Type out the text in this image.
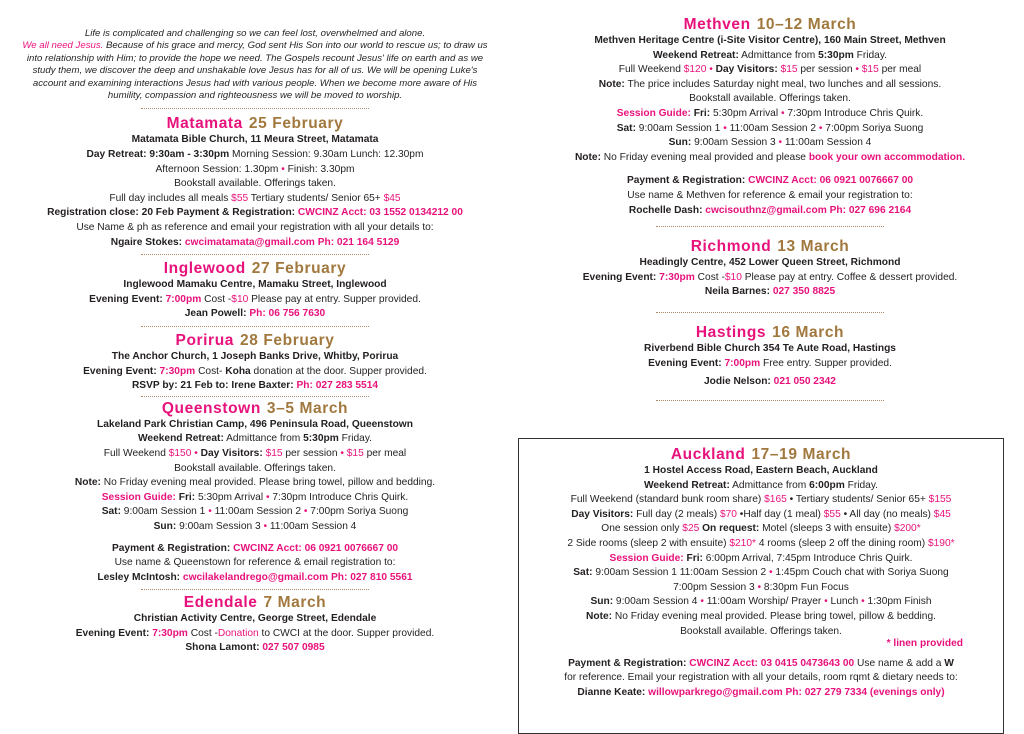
Life is complicated and challenging so we can feel lost, overwhelmed and alone.
We all need Jesus. Because of his grace and mercy, God sent His Son into our world to rescue us; to draw us into relationship with Him; to provide the hope we need. The Gospels recount Jesus' life on earth and as we study them, we discover the deep and unshakable love Jesus has for all of us. We will be opening Luke's account and examining interactions Jesus had with various people. When we become more aware of His humility, compassion and righteousness we will be moved to worship.
Matamata 25 February
Matamata Bible Church, 11 Meura Street, Matamata
Day Retreat: 9:30am - 3:30pm Morning Session: 9.30am Lunch: 12.30pm
Afternoon Session: 1.30pm • Finish: 3.30pm
Bookstall available. Offerings taken.
Full day includes all meals $55 Tertiary students/ Senior 65+ $45
Registration close: 20 Feb Payment & Registration: CWCINZ Acct: 03 1552 0134212 00
Use Name & ph as reference and email your registration with all your details to:
Ngaire Stokes: cwcimatamata@gmail.com Ph: 021 164 5129
Inglewood 27 February
Inglewood Mamaku Centre, Mamaku Street, Inglewood
Evening Event: 7:00pm Cost -$10 Please pay at entry. Supper provided.
Jean Powell: Ph: 06 756 7630
Porirua 28 February
The Anchor Church, 1 Joseph Banks Drive, Whitby, Porirua
Evening Event: 7:30pm Cost- Koha donation at the door. Supper provided.
RSVP by: 21 Feb to: Irene Baxter: Ph: 027 283 5514
Queenstown 3–5 March
Lakeland Park Christian Camp, 496 Peninsula Road, Queenstown
Weekend Retreat: Admittance from 5:30pm Friday.
Full Weekend $150 • Day Visitors: $15 per session • $15 per meal
Bookstall available. Offerings taken.
Note: No Friday evening meal provided. Please bring towel, pillow and bedding.
Session Guide: Fri: 5:30pm Arrival • 7:30pm Introduce Chris Quirk.
Sat: 9:00am Session 1 • 11:00am Session 2 • 7:00pm Soriya Suong
Sun: 9:00am Session 3 • 11:00am Session 4
Payment & Registration: CWCINZ Acct: 06 0921 0076667 00
Use name & Queenstown for reference & email registration to:
Lesley McIntosh: cwcilakelandrego@gmail.com Ph: 027 810 5561
Edendale 7 March
Christian Activity Centre, George Street, Edendale
Evening Event: 7:30pm Cost -Donation to CWCI at the door. Supper provided.
Shona Lamont: 027 507 0985
Methven 10–12 March
Methven Heritage Centre (i-Site Visitor Centre), 160 Main Street, Methven
Weekend Retreat: Admittance from 5:30pm Friday.
Full Weekend $120 • Day Visitors: $15 per session • $15 per meal
Note: The price includes Saturday night meal, two lunches and all sessions.
Bookstall available. Offerings taken.
Session Guide: Fri: 5:30pm Arrival • 7:30pm Introduce Chris Quirk.
Sat: 9:00am Session 1 • 11:00am Session 2 • 7:00pm Soriya Suong
Sun: 9:00am Session 3 • 11:00am Session 4
Note: No Friday evening meal provided and please book your own accommodation.
Payment & Registration: CWCINZ Acct: 06 0921 0076667 00
Use name & Methven for reference & email your registration to:
Rochelle Dash: cwcisouthnz@gmail.com Ph: 027 696 2164
Richmond 13 March
Headingly Centre, 452 Lower Queen Street, Richmond
Evening Event: 7:30pm Cost -$10 Please pay at entry. Coffee & dessert provided.
Neila Barnes: 027 350 8825
Hastings 16 March
Riverbend Bible Church 354 Te Aute Road, Hastings
Evening Event: 7:00pm Free entry. Supper provided.
Jodie Nelson: 021 050 2342
Auckland 17–19 March
1 Hostel Access Road, Eastern Beach, Auckland
Weekend Retreat: Admittance from 6:00pm Friday.
Full Weekend (standard bunk room share) $165 • Tertiary students/ Senior 65+ $155
Day Visitors: Full day (2 meals) $70 •Half day (1 meal) $55 • All day (no meals) $45
One session only $25 On request: Motel (sleeps 3 with ensuite) $200*
2 Side rooms (sleep 2 with ensuite) $210* 4 rooms (sleep 2 off the dining room) $190*
Session Guide: Fri: 6:00pm Arrival, 7:45pm Introduce Chris Quirk.
Sat: 9:00am Session 1 11:00am Session 2 • 1:45pm Couch chat with Soriya Suong
7:00pm Session 3 • 8:30pm Fun Focus
Sun: 9:00am Session 4 • 11:00am Worship/ Prayer • Lunch • 1:30pm Finish
Note: No Friday evening meal provided. Please bring towel, pillow & bedding.
Bookstall available. Offerings taken.
* linen provided
Payment & Registration: CWCINZ Acct: 03 0415 0473643 00 Use name & add a W
for reference. Email your registration with all your details, room rqmt & dietary needs to:
Dianne Keate: willowparkrego@gmail.com Ph: 027 279 7334 (evenings only)
